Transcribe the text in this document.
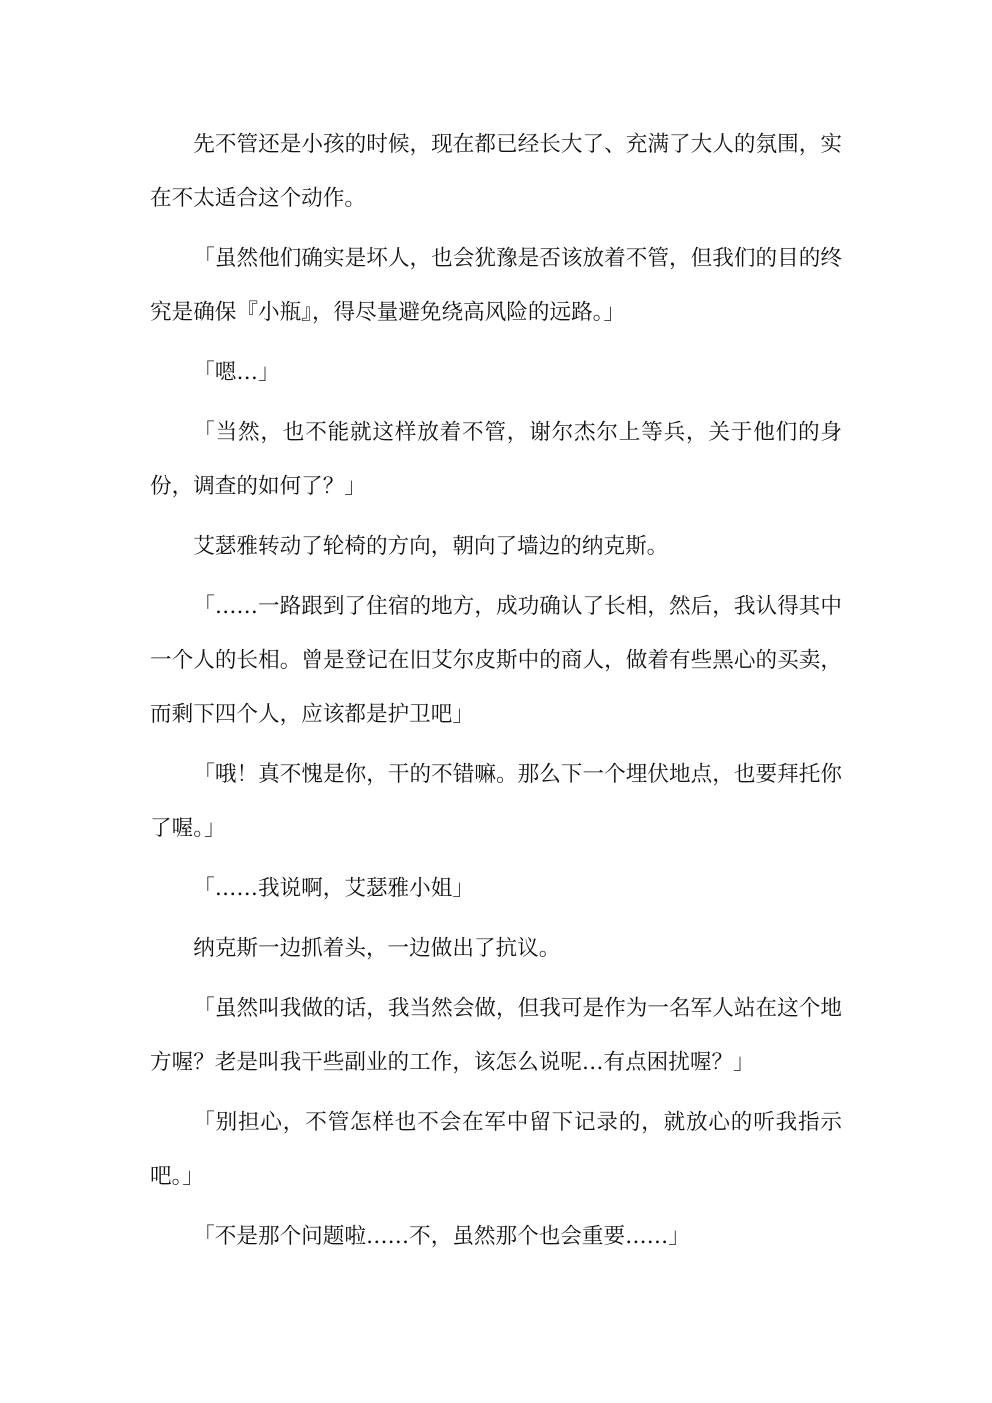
先不管还是小孩的时候，现在都已经长大了、充满了大人的氛围，实在不太适合这个动作。

「虽然他们确实是坏人，也会犹豫是否该放着不管，但我们的目的终究是确保『小瓶』，得尽量避免绕高风险的远路。」

「嗯…」

「当然，也不能就这样放着不管，谢尔杰尔上等兵，关于他们的身份，调查的如何了？」

艾瑟雅转动了轮椅的方向，朝向了墙边的纳克斯。

「……一路跟到了住宿的地方，成功确认了长相，然后，我认得其中一个人的长相。曾是登记在旧艾尔皮斯中的商人，做着有些黑心的买卖，而剩下四个人，应该都是护卫吧」

「哦！真不愧是你，干的不错嘛。那么下一个埋伏地点，也要拜托你了喔。」

「……我说啊，艾瑟雅小姐」

纳克斯一边抓着头，一边做出了抗议。

「虽然叫我做的话，我当然会做，但我可是作为一名军人站在这个地方喔？老是叫我干些副业的工作，该怎么说呢…有点困扰喔？」

「别担心，不管怎样也不会在军中留下记录的，就放心的听我指示吧。」

「不是那个问题啦……不，虽然那个也会重要……」
